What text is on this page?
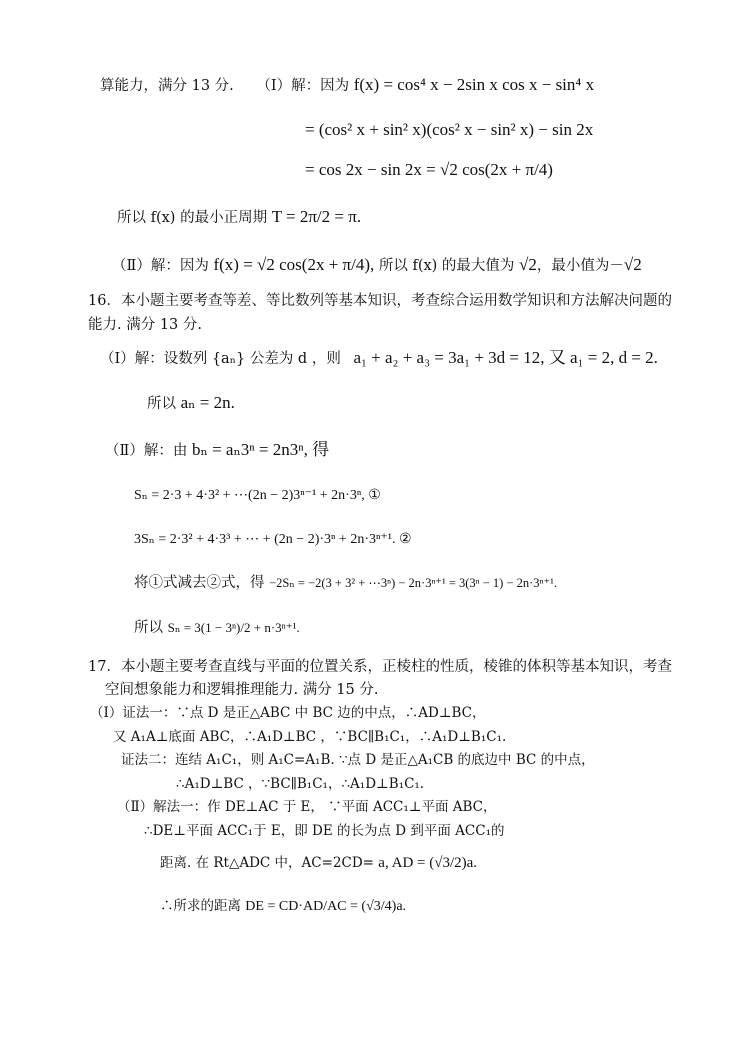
算能力，满分 13 分. （Ⅰ）解：因为 f(x) = cos⁴ x − 2sin x cos x − sin⁴ x
= (cos² x + sin² x)(cos² x − sin² x) − sin 2x
= cos 2x − sin 2x = √2 cos(2x + π/4)
所以 f(x) 的最小正周期 T = 2π/2 = π.
（Ⅱ）解：因为 f(x) = √2 cos(2x + π/4), 所以 f(x) 的最大值为 √2，最小值为－√2
16．本小题主要考查等差、等比数列等基本知识，考查综合运用数学知识和方法解决问题的
能力. 满分 13 分.
（Ⅰ）解：设数列 {aₙ} 公差为 d ，则 a₁ + a₂ + a₃ = 3a₁ + 3d = 12, 又 a₁ = 2, d = 2.
所以 aₙ = 2n.
（Ⅱ）解：由 bₙ = aₙ3ⁿ = 2n3ⁿ, 得
Sₙ = 2·3 + 4·3² + ⋯(2n − 2)3ⁿ⁻¹ + 2n·3ⁿ, ①
3Sₙ = 2·3² + 4·3³ + ⋯ + (2n − 2)·3ⁿ + 2n·3ⁿ⁺¹. ②
将①式减去②式，得 −2Sₙ = −2(3 + 3² + ⋯3ⁿ) − 2n·3ⁿ⁺¹ = 3(3ⁿ − 1) − 2n·3ⁿ⁺¹.
所以 Sₙ = 3(1 − 3ⁿ)/2 + n·3ⁿ⁺¹.
17．本小题主要考查直线与平面的位置关系，正棱柱的性质，棱锥的体积等基本知识，考查
空间想象能力和逻辑推理能力. 满分 15 分.
（Ⅰ）证法一：∵点 D 是正△ABC 中 BC 边的中点，∴AD⊥BC，
又 A₁A⊥底面 ABC，∴A₁D⊥BC ，∵BC∥B₁C₁，∴A₁D⊥B₁C₁.
证法二：连结 A₁C₁，则 A₁C=A₁B. ∵点 D 是正△A₁CB 的底边中 BC 的中点，
∴A₁D⊥BC ，∵BC∥B₁C₁，∴A₁D⊥B₁C₁.
（Ⅱ）解法一：作 DE⊥AC 于 E， ∵平面 ACC₁⊥平面 ABC，
∴DE⊥平面 ACC₁于 E，即 DE 的长为点 D 到平面 ACC₁的
距离. 在 Rt△ADC 中，AC=2CD= a, AD = (√3/2)a.
∴所求的距离 DE = CD·AD/AC = (√3/4)a.
